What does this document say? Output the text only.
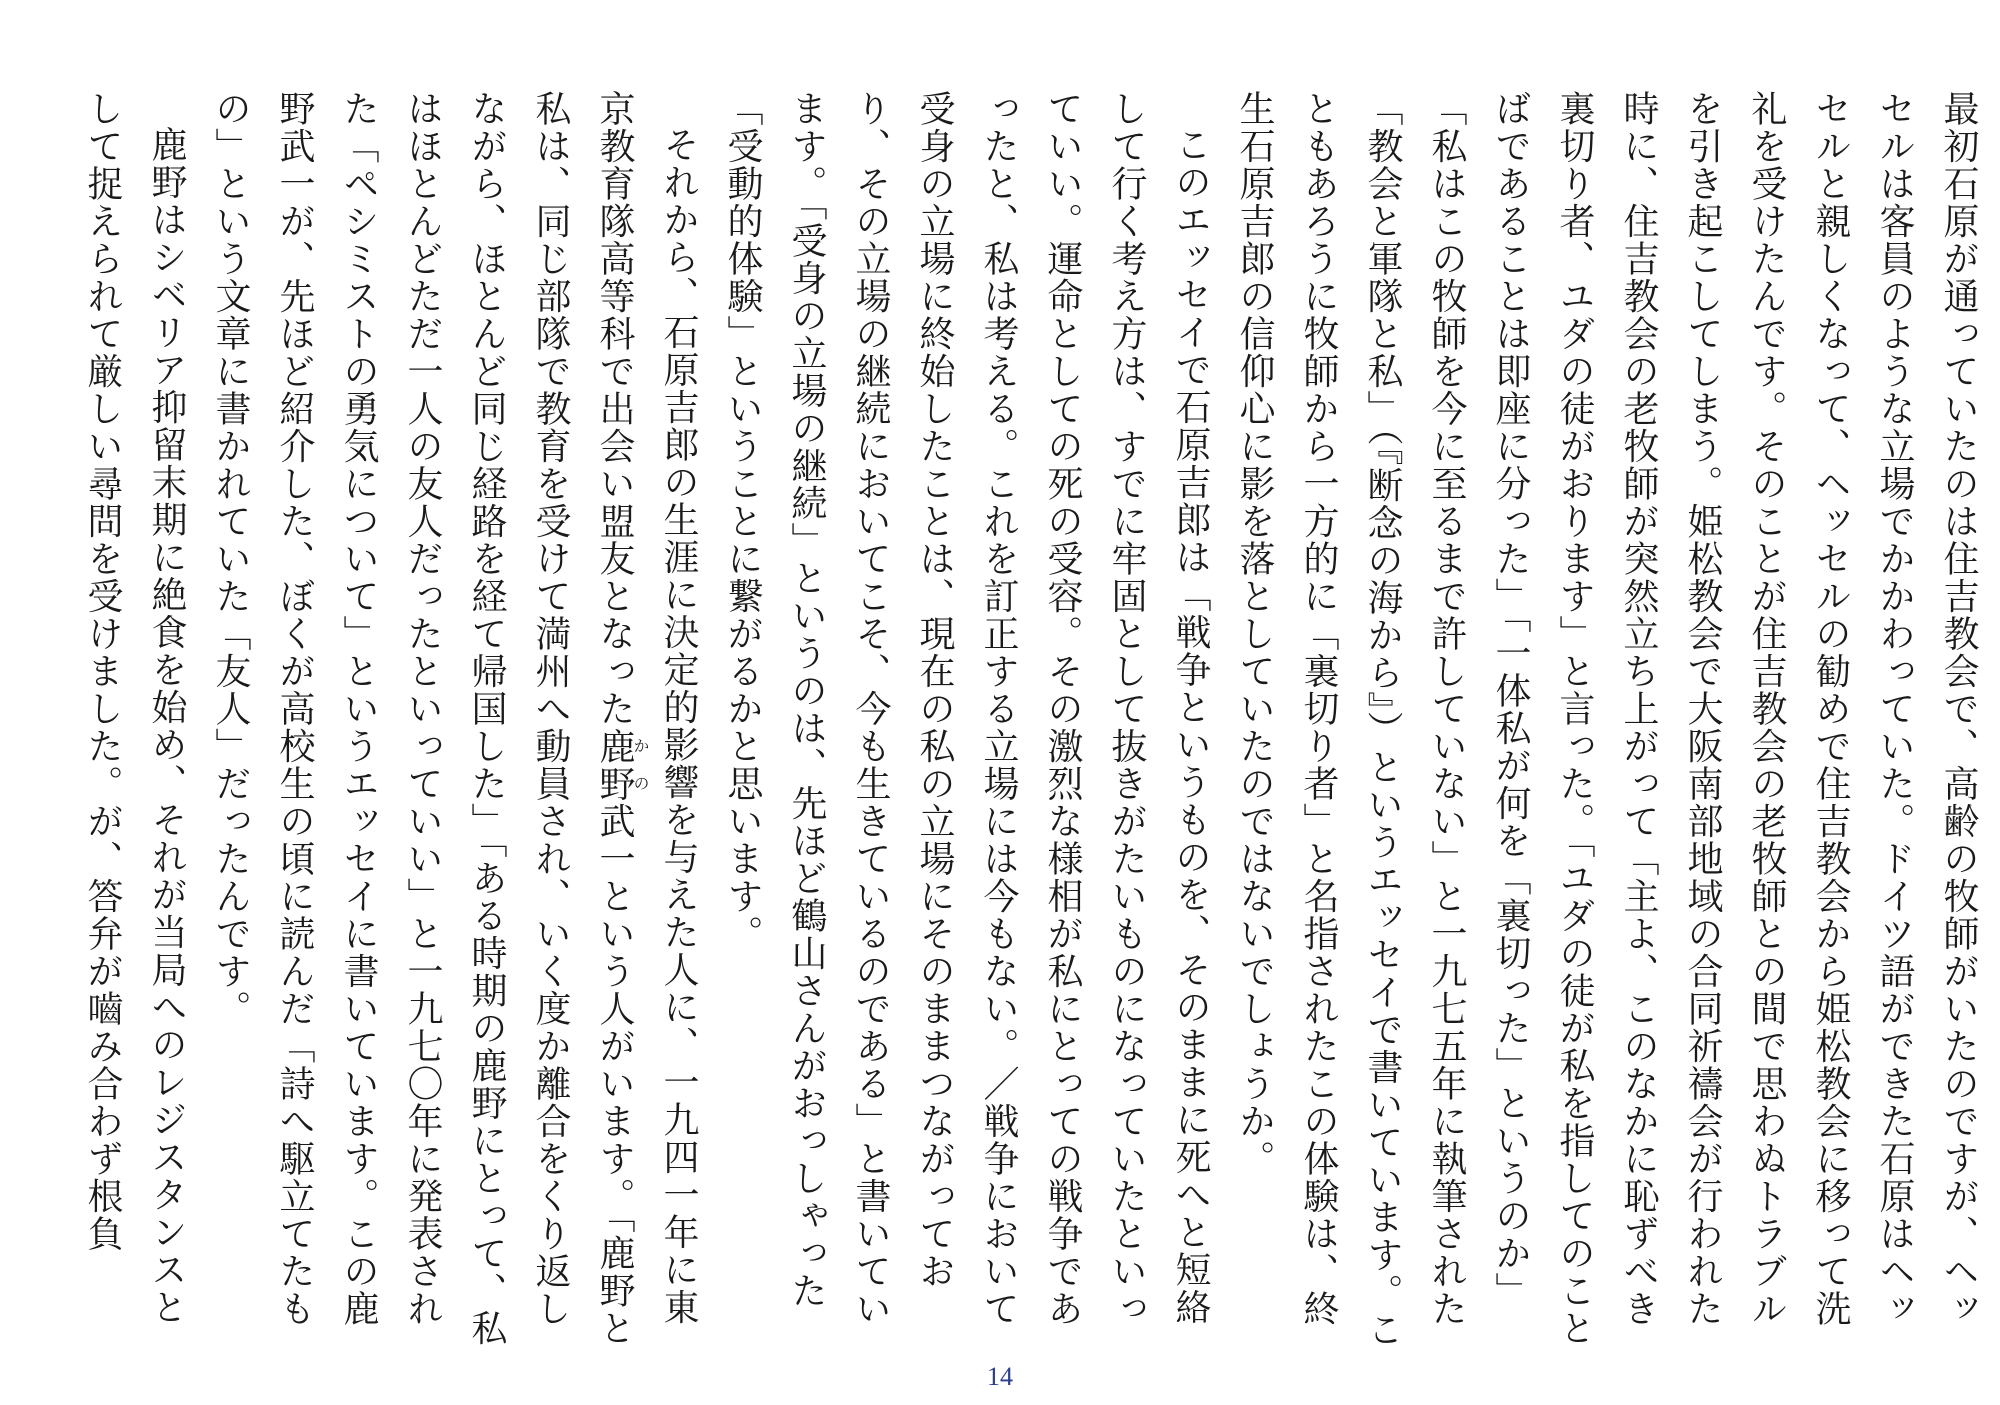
最初石原が通っていたのは住吉教会で、高齢の牧師がいたのですが、ヘッセルは客員のような立場でかかわっていた。ドイツ語ができた石原はヘッセルと親しくなって、ヘッセルの勧めで住吉教会から姫松教会に移って洗礼を受けたんです。そのことが住吉教会の老牧師との間で思わぬトラブルを引き起こしてしまう。姫松教会で大阪南部地域の合同祈禱会が行われた時に、住吉教会の老牧師が突然立ち上がって「主よ、このなかに恥ずべき裏切り者、ユダの徒がおります」と言った。「ユダの徒が私を指してのことばであることは即座に分った」「一体私が何を「裏切った」というのか」「私はこの牧師を今に至るまで許していない」と一九七五年に執筆された「教会と軍隊と私」（『断念の海から』）というエッセイで書いています。こともあろうに牧師から一方的に「裏切り者」と名指されたこの体験は、終生石原吉郎の信仰心に影を落としていたのではないでしょうか。

このエッセイで石原吉郎は「戦争というものを、そのままに死へと短絡して行く考え方は、すでに牢固として抜きがたいものになっていたといっていい。運命としての死の受容。その激烈な様相が私にとっての戦争であったと、私は考える。これを訂正する立場には今もない。／戦争において受身の立場に終始したことは、現在の私の立場にそのままつながっており、その立場の継続においてこそ、今も生きているのである」と書いています。「受身の立場の継続」というのは、先ほど鶴山さんがおっしゃった「受動的体験」ということに繋がるかと思います。

それから、石原吉郎の生涯に決定的影響を与えた人に、一九四一年に東京教育隊高等科で出会い盟友となった鹿野かの武一という人がいます。「鹿野と私は、同じ部隊で教育を受けて満州へ動員され、いく度か離合をくり返しながら、ほとんど同じ経路を経て帰国した」「ある時期の鹿野にとって、私はほとんどただ一人の友人だったといっていい」と一九七〇年に発表された「ペシミストの勇気について」というエッセイに書いています。この鹿野武一が、先ほど紹介した、ぼくが高校生の頃に読んだ「詩へ駆立てたもの」という文章に書かれていた「友人」だったんです。

鹿野はシベリア抑留末期に絶食を始め、それが当局へのレジスタンスとして捉えられて厳しい尋問を受けました。が、答弁が嚙み合わず根負

14
